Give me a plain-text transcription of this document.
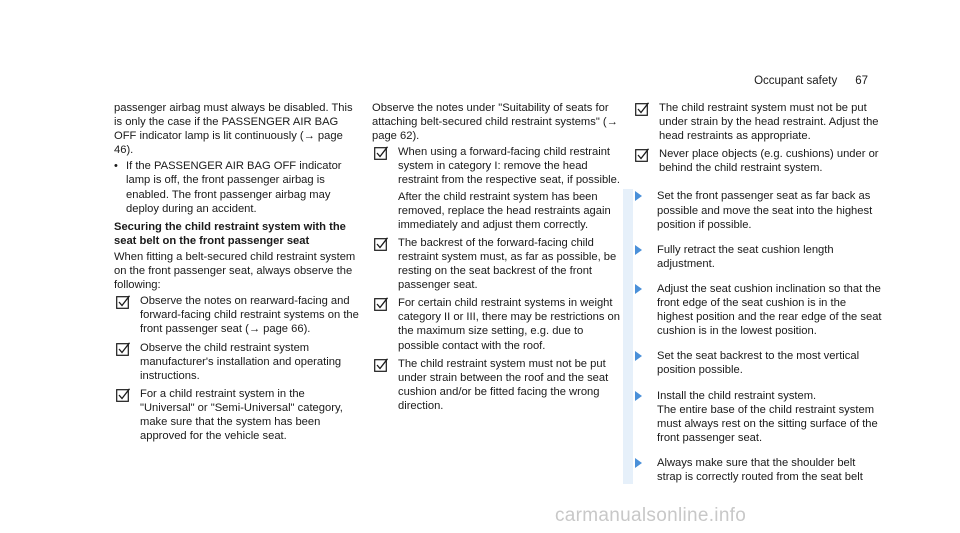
Occupant safety 67

passenger airbag must always be disabled. This is only the case if the PASSENGER AIR BAG OFF indicator lamp is lit continuously (→ page 46).

• If the PASSENGER AIR BAG OFF indicator lamp is off, the front passenger airbag is enabled. The front passenger airbag may deploy during an accident.
Securing the child restraint system with the seat belt on the front passenger seat

When fitting a belt-secured child restraint system on the front passenger seat, always observe the following:

Observe the notes on rearward-facing and forward-facing child restraint systems on the front passenger seat (→ page 66).
Observe the child restraint system manufacturer's installation and operating instructions.
For a child restraint system in the "Universal" or "Semi-Universal" category, make sure that the system has been approved for the vehicle seat.

Observe the notes under "Suitability of seats for attaching belt-secured child restraint systems" (→ page 62).

When using a forward-facing child restraint system in category I: remove the head restraint from the respective seat, if possible.
After the child restraint system has been removed, replace the head restraints again immediately and adjust them correctly.
The backrest of the forward-facing child restraint system must, as far as possible, be resting on the seat backrest of the front passenger seat.
For certain child restraint systems in weight category II or III, there may be restrictions on the maximum size setting, e.g. due to possible contact with the roof.
The child restraint system must not be put under strain between the roof and the seat cushion and/or be fitted facing the wrong direction.
The child restraint system must not be put under strain by the head restraint. Adjust the head restraints as appropriate.
Never place objects (e.g. cushions) under or behind the child restraint system.
Set the front passenger seat as far back as possible and move the seat into the highest position if possible.
Fully retract the seat cushion length adjustment.
Adjust the seat cushion inclination so that the front edge of the seat cushion is in the highest position and the rear edge of the seat cushion is in the lowest position.
Set the seat backrest to the most vertical position possible.
Install the child restraint system.
The entire base of the child restraint system must always rest on the sitting surface of the front passenger seat.
Always make sure that the shoulder belt strap is correctly routed from the seat belt
carmanualsonline.info
